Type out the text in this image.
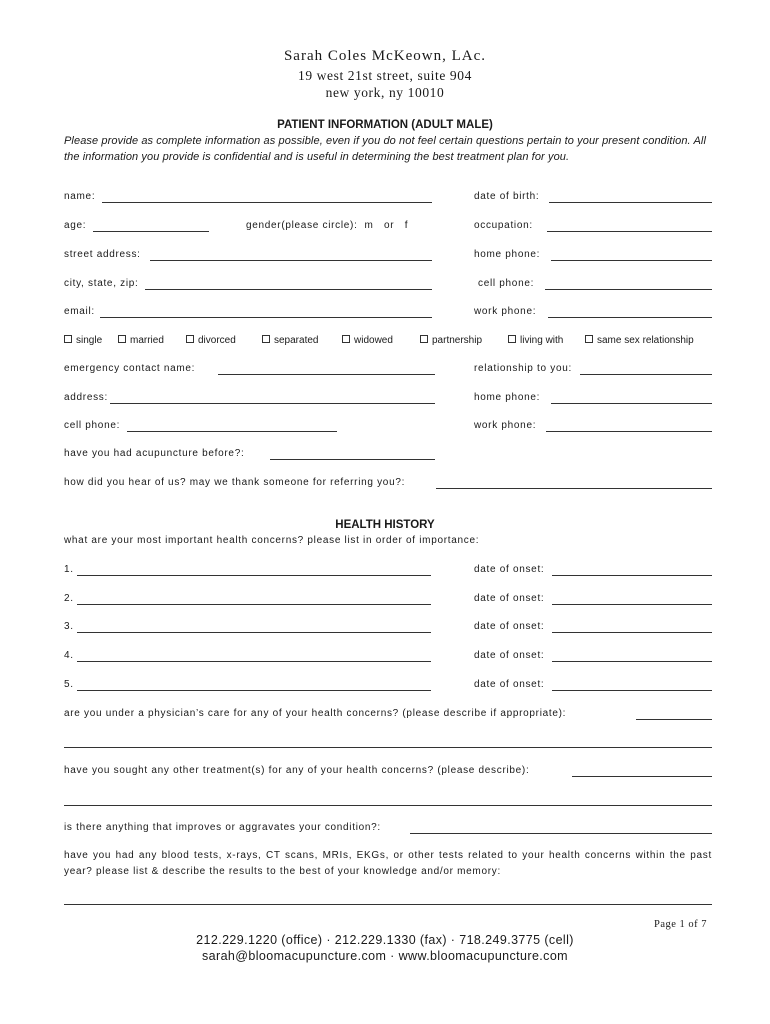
Sarah Coles McKeown, LAc.
19 west 21st street, suite 904
new york, ny 10010
PATIENT INFORMATION (ADULT MALE)
Please provide as complete information as possible, even if you do not feel certain questions pertain to your present condition. All the information you provide is confidential and is useful in determining the best treatment plan for you.
name:	date of birth:
age:	gender(please circle):  m   or   f	occupation:
street address:	home phone:
city, state, zip:	cell phone:
email:	work phone:
single	married	divorced	separated	widowed	partnership	living with	same sex relationship
emergency contact name:	relationship to you:
address:	home phone:
cell phone:	work phone:
have you had acupuncture before?:
how did you hear of us? may we thank someone for referring you?:
HEALTH HISTORY
what are your most important health concerns? please list in order of importance:
1.	date of onset:
2.	date of onset:
3.	date of onset:
4.	date of onset:
5.	date of onset:
are you under a physician’s care for any of your health concerns? (please describe if appropriate):
have you sought any other treatment(s) for any of your health concerns? (please describe):
is there anything that improves or aggravates your condition?:
have you had any blood tests, x-rays, CT scans, MRIs, EKGs, or other tests related to your health concerns within the past year? please list & describe the results to the best of your knowledge and/or memory:
Page 1 of 7
212.229.1220 (office) · 212.229.1330 (fax) · 718.249.3775 (cell)
sarah@bloomacupuncture.com · www.bloomacupuncture.com
